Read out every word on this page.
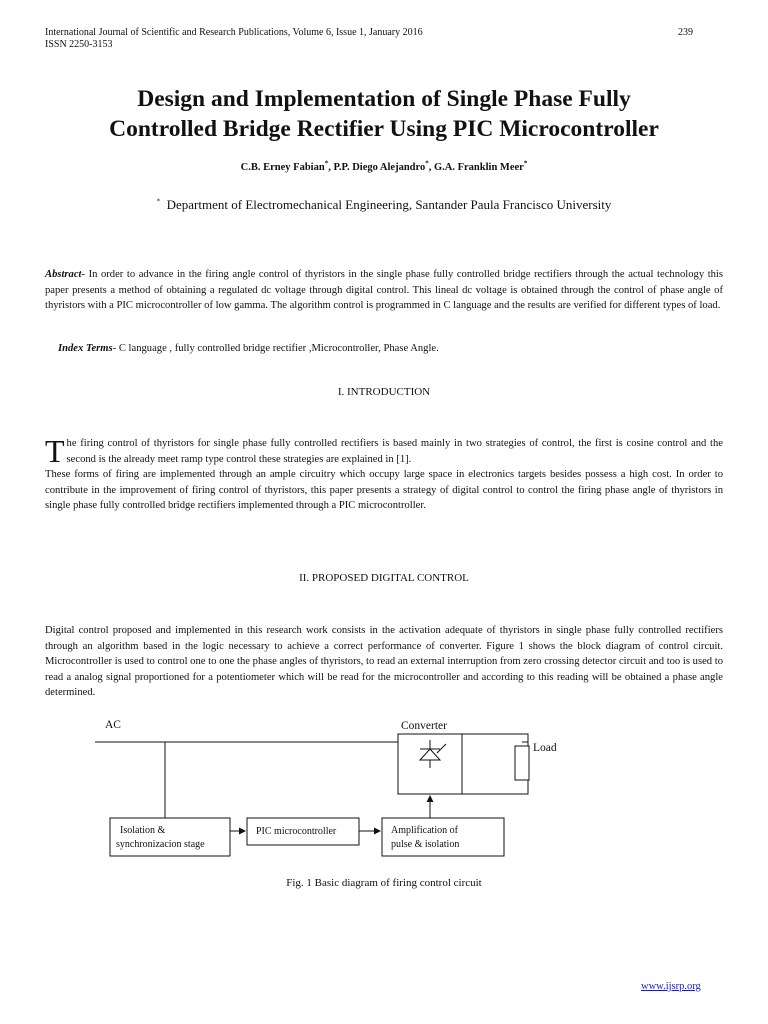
International Journal of Scientific and Research Publications, Volume 6, Issue 1, January 2016
ISSN 2250-3153
239
Design and Implementation of Single Phase Fully
Controlled Bridge Rectifier Using PIC Microcontroller
C.B. Erney Fabian*, P.P. Diego Alejandro*, G.A. Franklin Meer*
* Department of Electromechanical Engineering, Santander Paula Francisco University
Abstract- In order to advance in the firing angle control of thyristors in the single phase fully controlled bridge rectifiers through the actual technology this paper presents a method of obtaining a regulated dc voltage through digital control. This lineal dc voltage is obtained through the control of phase angle of thyristors with a PIC microcontroller of low gamma. The algorithm control is programmed in C language and the results are verified for different types of load.
Index Terms- C language , fully controlled bridge rectifier ,Microcontroller, Phase Angle.
I. INTRODUCTION
The firing control of thyristors for single phase fully controlled rectifiers is based mainly in two strategies of control, the first is cosine control and the second is the already meet ramp type control these strategies are explained in [1].
These forms of firing are implemented through an ample circuitry which occupy large space in electronics targets besides possess a high cost. In order to contribute in the improvement of firing control of thyristors, this paper presents a strategy of digital control to control the firing phase angle of thyristors in single phase fully controlled bridge rectifiers implemented through a PIC microcontroller.
II. PROPOSED DIGITAL CONTROL
Digital control proposed and implemented in this research work consists in the activation adequate of thyristors in single phase fully controlled rectifiers through an algorithm based in the logic necessary to achieve a correct performance of converter. Figure 1 shows the block diagram of control circuit. Microcontroller is used to control one to one the phase angles of thyristors, to read an external interruption from zero crossing detector circuit and too is used to read a analog signal proportioned for a potentiometer which will be read for the microcontroller and according to this reading will be obtained a phase angle determined.
AC	Converter
Load
Isolation &
synchronizacion stage
PIC microcontroller	Amplification of
pulse & isolation
Fig. 1 Basic diagram of firing control circuit
www.ijsrp.org
